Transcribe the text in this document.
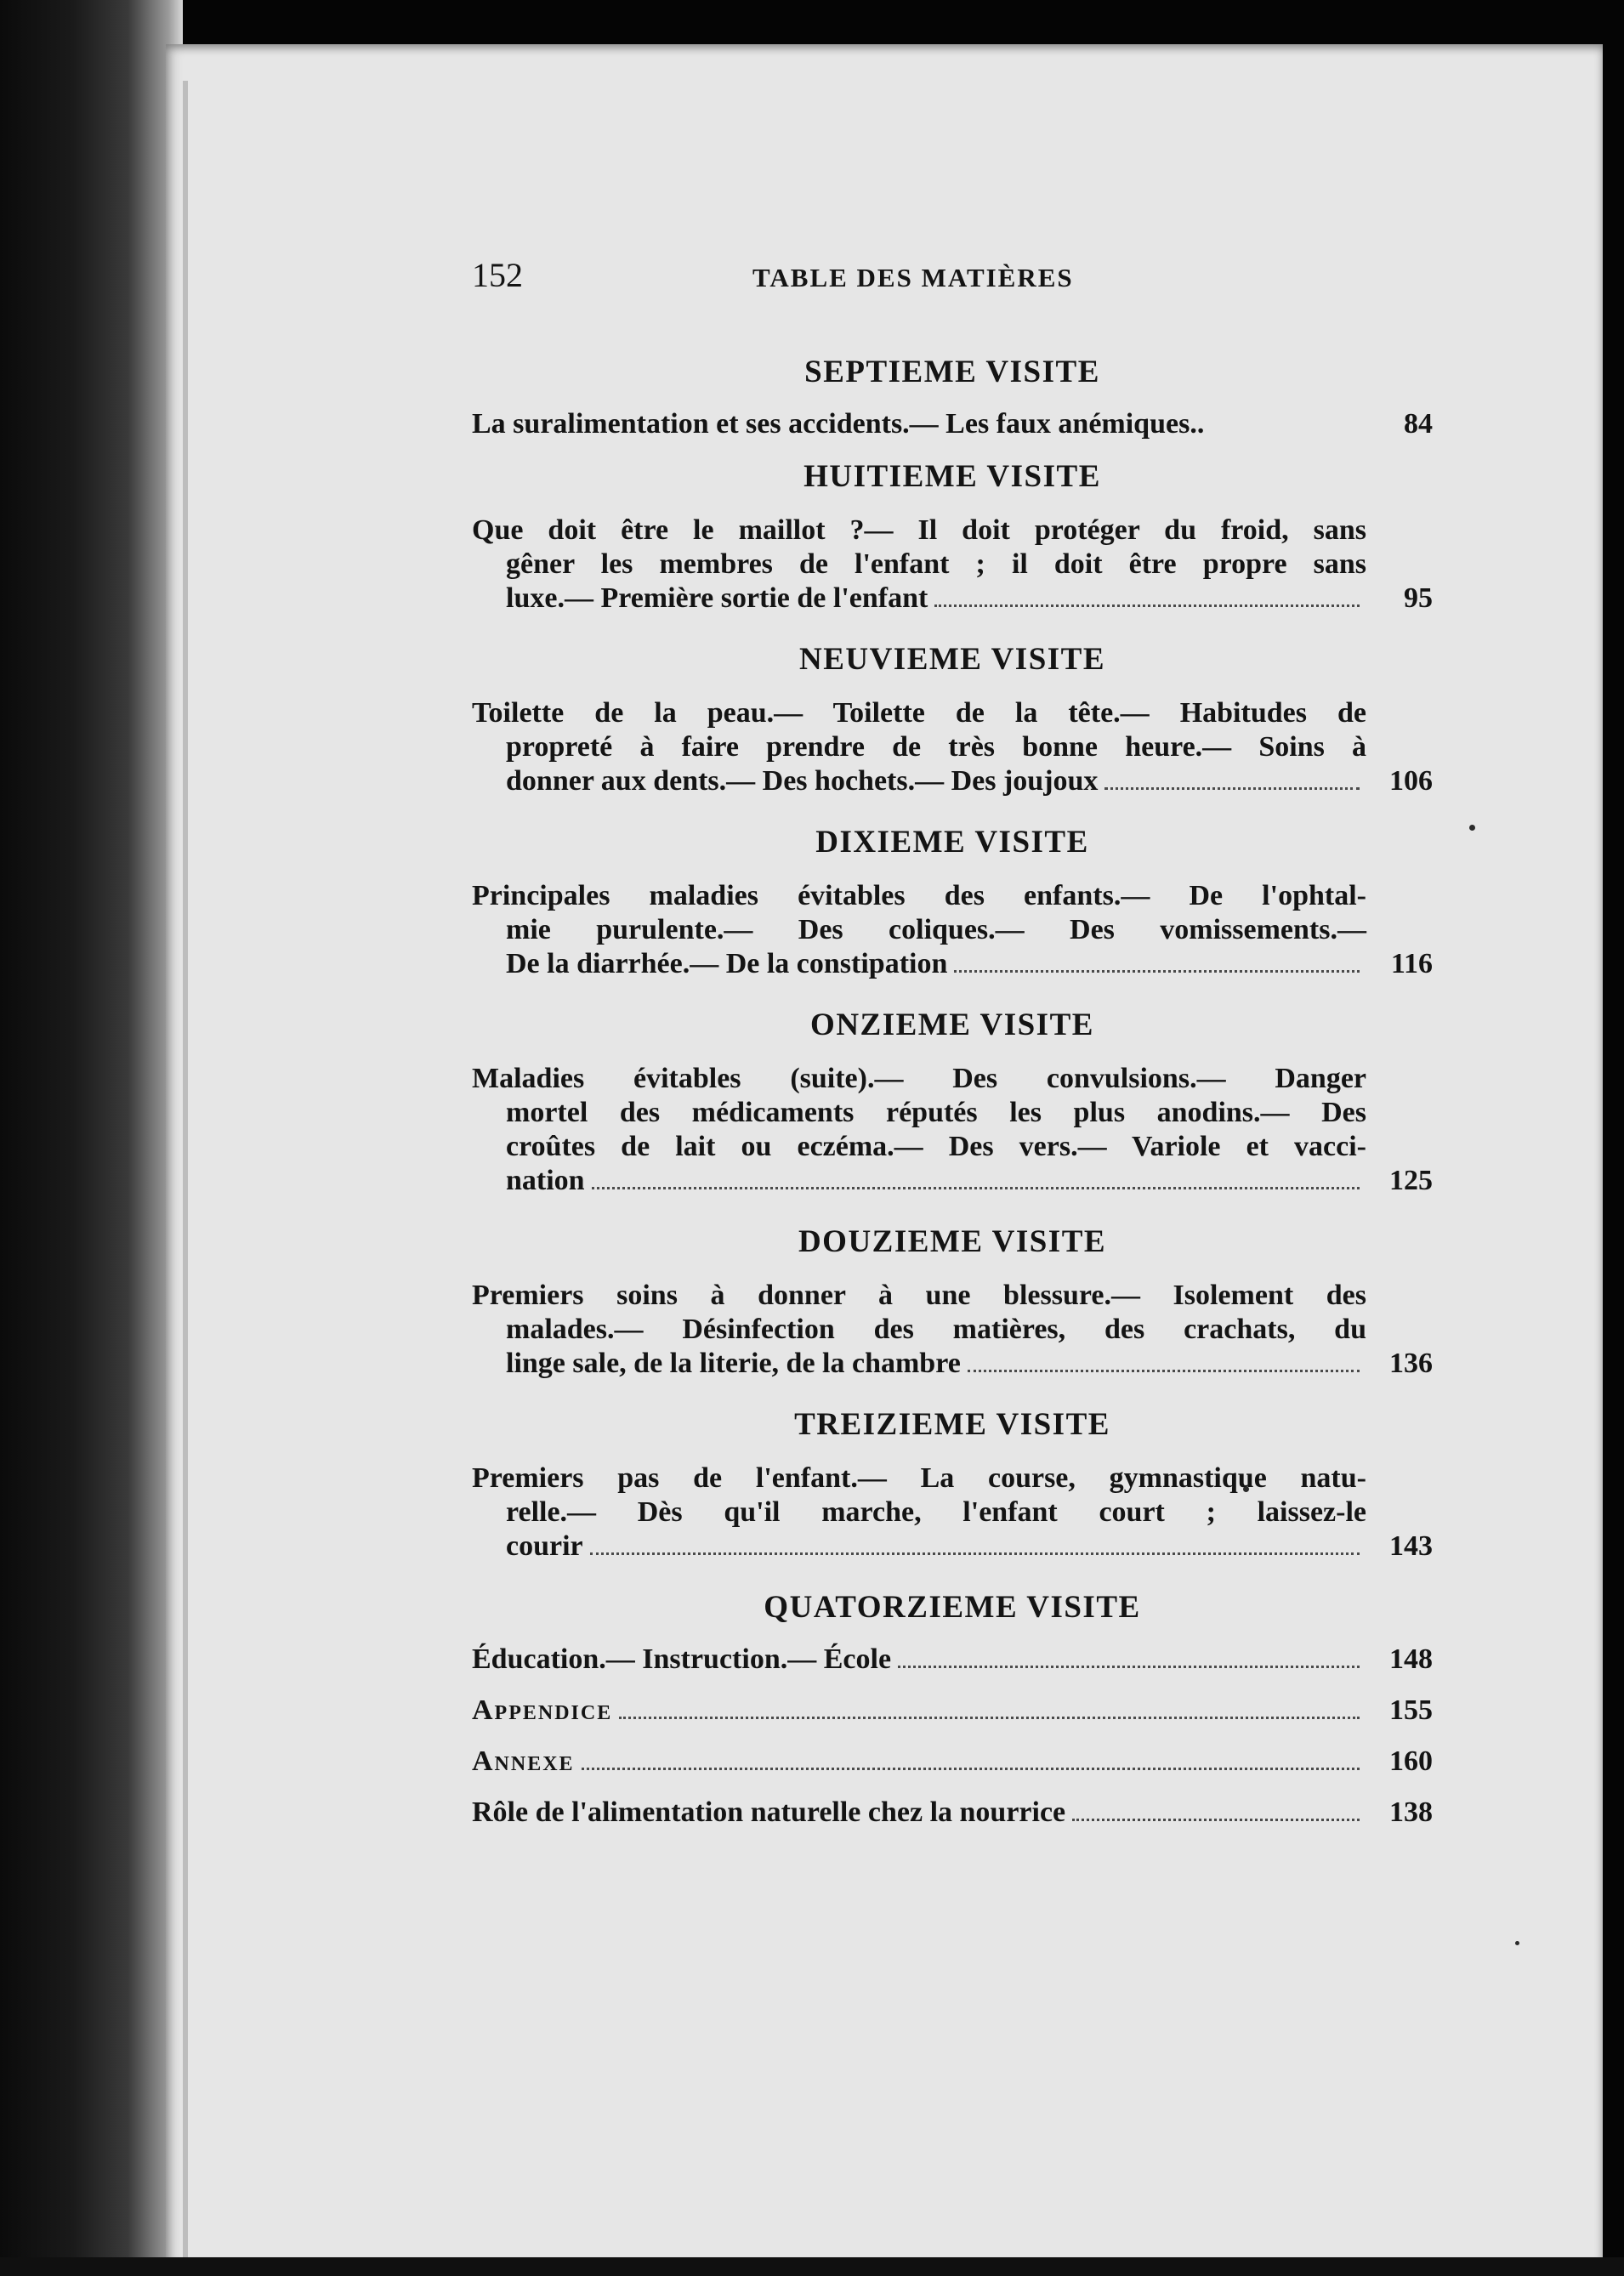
152	TABLE DES MATIÈRES
SEPTIEME VISITE
La suralimentation et ses accidents.— Les faux anémiques..	84
HUITIEME VISITE
Que doit être le maillot ?— Il doit protéger du froid, sans
gêner les membres de l'enfant ; il doit être propre sans
luxe.— Première sortie de l'enfant	95
NEUVIEME VISITE
Toilette de la peau.— Toilette de la tête.— Habitudes de
propreté à faire prendre de très bonne heure.— Soins à
donner aux dents.— Des hochets.— Des joujoux	106
DIXIEME VISITE
Principales maladies évitables des enfants.— De l'ophtal-
mie purulente.— Des coliques.— Des vomissements.—
De la diarrhée.— De la constipation	116
ONZIEME VISITE
Maladies évitables (suite).— Des convulsions.— Danger
mortel des médicaments réputés les plus anodins.— Des
croûtes de lait ou eczéma.— Des vers.— Variole et vacci-
nation	125
DOUZIEME VISITE
Premiers soins à donner à une blessure.— Isolement des
malades.— Désinfection des matières, des crachats, du
linge sale, de la literie, de la chambre	136
TREIZIEME VISITE
Premiers pas de l'enfant.— La course, gymnastique natu-
relle.— Dès qu'il marche, l'enfant court ; laissez-le
courir	143
QUATORZIEME VISITE
Éducation.— Instruction.— École	148
Appendice	155
Annexe	160
Rôle de l'alimentation naturelle chez la nourrice	138
